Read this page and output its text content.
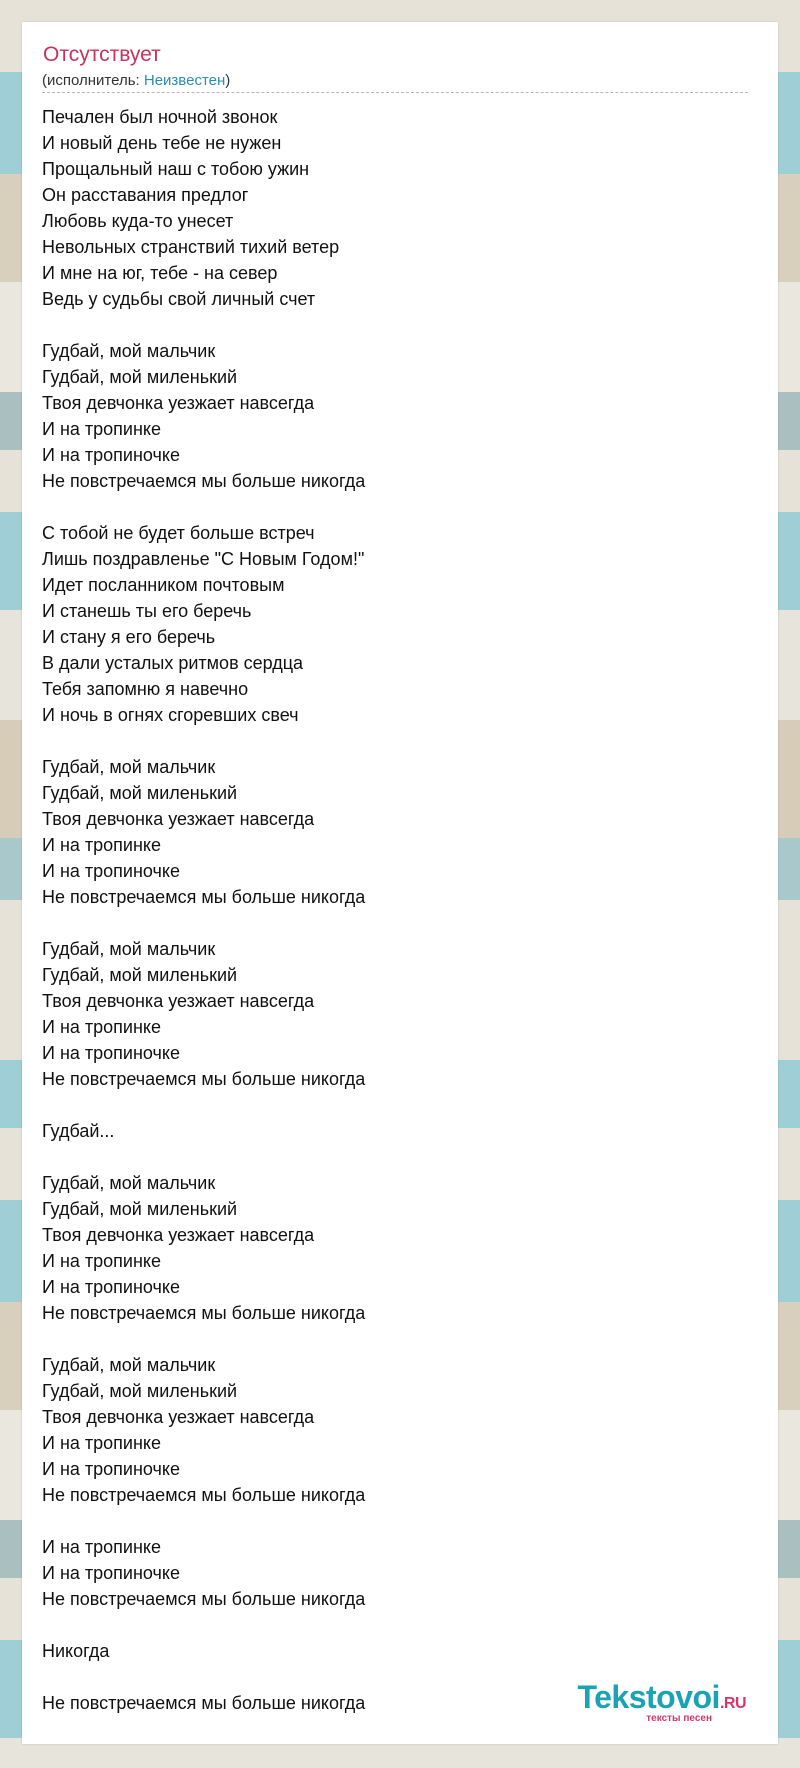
Отсутствует
(исполнитель: Неизвестен)
Печален был ночной звонок
И новый день тебе не нужен
Прощальный наш с тобою ужин
Он расставания предлог
Любовь куда-то унесет
Невольных странствий тихий ветер
И мне на юг, тебе - на север
Ведь у судьбы свой личный счет
Гудбай, мой мальчик
Гудбай, мой миленький
Твоя девчонка уезжает навсегда
И на тропинке
И на тропиночке
Не повстречаемся мы больше никогда
С тобой не будет больше встреч
Лишь поздравленье "С Новым Годом!"
Идет посланником почтовым
И станешь ты его беречь
И стану я его беречь
В дали усталых ритмов сердца
Тебя запомню я навечно
И ночь в огнях сгоревших свеч
Гудбай, мой мальчик
Гудбай, мой миленький
Твоя девчонка уезжает навсегда
И на тропинке
И на тропиночке
Не повстречаемся мы больше никогда
Гудбай, мой мальчик
Гудбай, мой миленький
Твоя девчонка уезжает навсегда
И на тропинке
И на тропиночке
Не повстречаемся мы больше никогда
Гудбай...
Гудбай, мой мальчик
Гудбай, мой миленький
Твоя девчонка уезжает навсегда
И на тропинке
И на тропиночке
Не повстречаемся мы больше никогда
Гудбай, мой мальчик
Гудбай, мой миленький
Твоя девчонка уезжает навсегда
И на тропинке
И на тропиночке
Не повстречаемся мы больше никогда
И на тропинке
И на тропиночке
Не повстречаемся мы больше никогда
Никогда
Не повстречаемся мы больше никогда	Tekstovoi.RU
тексты песен
